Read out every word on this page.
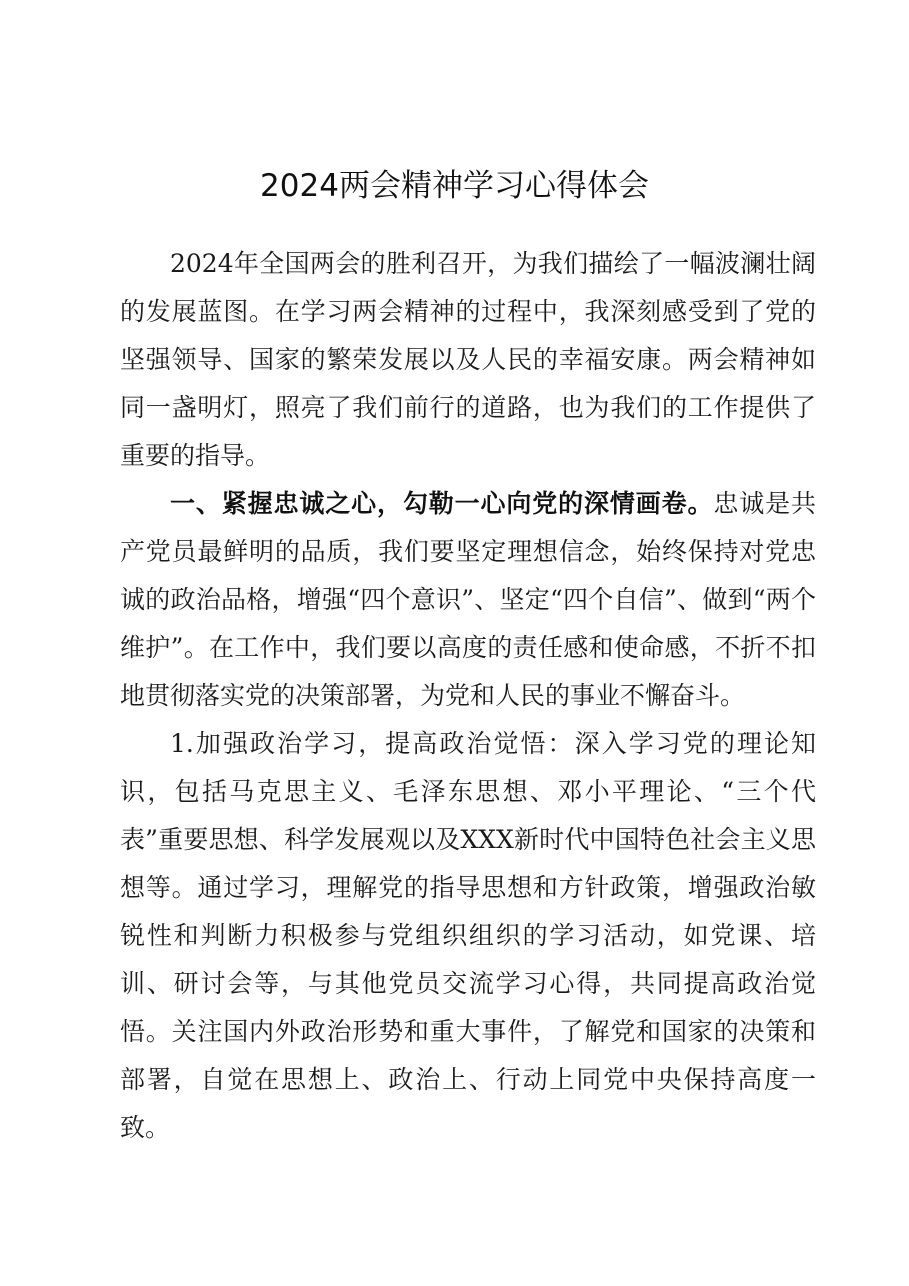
2024两会精神学习心得体会

2024年全国两会的胜利召开，为我们描绘了一幅波澜壮阔的发展蓝图。在学习两会精神的过程中，我深刻感受到了党的坚强领导、国家的繁荣发展以及人民的幸福安康。两会精神如同一盏明灯，照亮了我们前行的道路，也为我们的工作提供了重要的指导。

一、紧握忠诚之心，勾勒一心向党的深情画卷。忠诚是共产党员最鲜明的品质，我们要坚定理想信念，始终保持对党忠诚的政治品格，增强“四个意识”、坚定“四个自信”、做到“两个维护”。在工作中，我们要以高度的责任感和使命感，不折不扣地贯彻落实党的决策部署，为党和人民的事业不懈奋斗。

1.加强政治学习，提高政治觉悟：深入学习党的理论知识，包括马克思主义、毛泽东思想、邓小平理论、“三个代表”重要思想、科学发展观以及XXX新时代中国特色社会主义思想等。通过学习，理解党的指导思想和方针政策，增强政治敏锐性和判断力积极参与党组织组织的学习活动，如党课、培训、研讨会等，与其他党员交流学习心得，共同提高政治觉悟。关注国内外政治形势和重大事件，了解党和国家的决策和部署，自觉在思想上、政治上、行动上同党中央保持高度一致。
